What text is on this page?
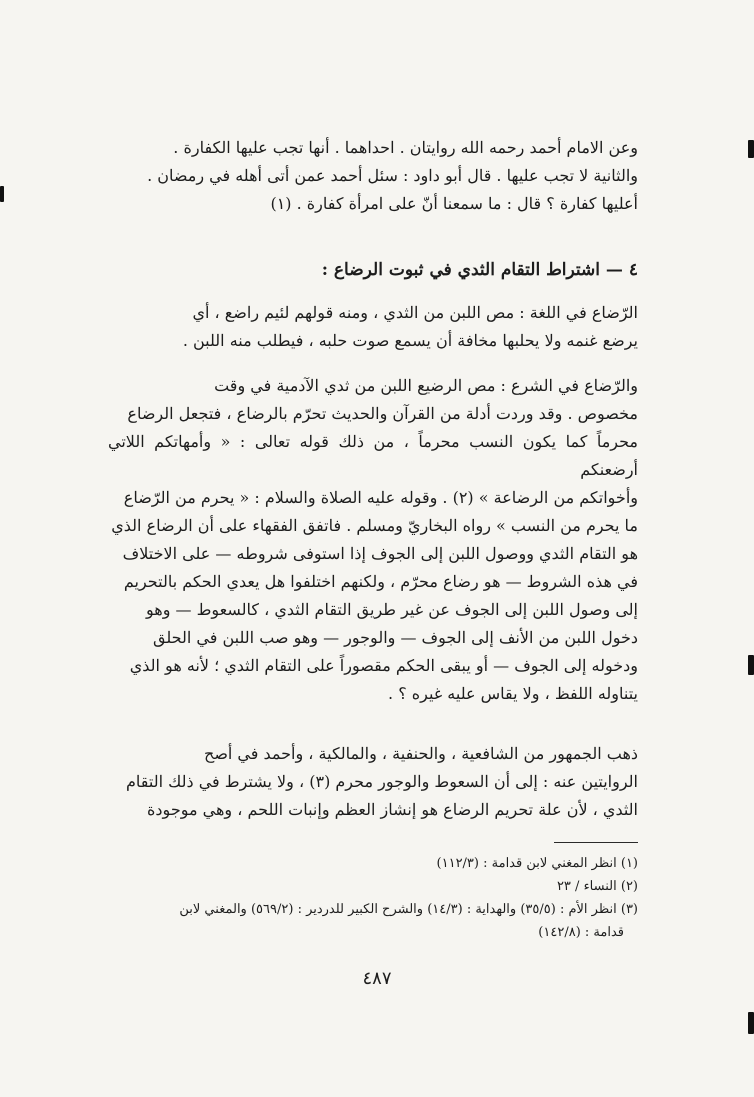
وعن الامام أحمد رحمه الله روايتان . احداهما . أنها تجب عليها الكفارة .

والثانية لا تجب عليها . قال أبو داود : سئل أحمد عمن أتى أهله في رمضان .

أعليها كفارة ؟ قال : ما سمعنا أنّ على امرأة كفارة . (١)

٤ — اشتراط التقام الثدي في ثبوت الرضاع :

الرّضاع في اللغة : مص اللبن من الثدي ، ومنه قولهم لئيم راضع ، أي

يرضع غنمه ولا يحلبها مخافة أن يسمع صوت حلبه ، فيطلب منه اللبن .

والرّضاع في الشرع : مص الرضيع اللبن من ثدي الآدمية في وقت

مخصوص . وقد وردت أدلة من القرآن والحديث تحرّم بالرضاع ، فتجعل الرضاع

محرماً كما يكون النسب محرماً ، من ذلك قوله تعالى : « وأمهاتكم اللاتي أرضعنكم

وأخواتكم من الرضاعة » (٢) . وقوله عليه الصلاة والسلام : « يحرم من الرّضاع

ما يحرم من النسب » رواه البخاريّ ومسلم . فاتفق الفقهاء على أن الرضاع الذي

هو التقام الثدي ووصول اللبن إلى الجوف إذا استوفى شروطه — على الاختلاف

في هذه الشروط — هو رضاع محرّم ، ولكنهم اختلفوا هل يعدي الحكم بالتحريم

إلى وصول اللبن إلى الجوف عن غير طريق التقام الثدي ، كالسعوط — وهو

دخول اللبن من الأنف إلى الجوف — والوجور — وهو صب اللبن في الحلق

ودخوله إلى الجوف — أو يبقى الحكم مقصوراً على التقام الثدي ؛ لأنه هو الذي

يتناوله اللفظ ، ولا يقاس عليه غيره ؟ .

ذهب الجمهور من الشافعية ، والحنفية ، والمالكية ، وأحمد في أصح

الروايتين عنه : إلى أن السعوط والوجور محرم (٣) ، ولا يشترط في ذلك التقام

الثدي ، لأن علة تحريم الرضاع هو إنشاز العظم وإنبات اللحم ، وهي موجودة

(١) انظر المغني لابن قدامة : (١١٢/٣)
(٢) النساء / ٢٣
(٣) انظر الأم : (٣٥/٥) والهداية : (١٤/٣) والشرح الكبير للدردير : (٥٦٩/٢) والمغني لابن
قدامة : (١٤٢/٨)
٤٨٧
